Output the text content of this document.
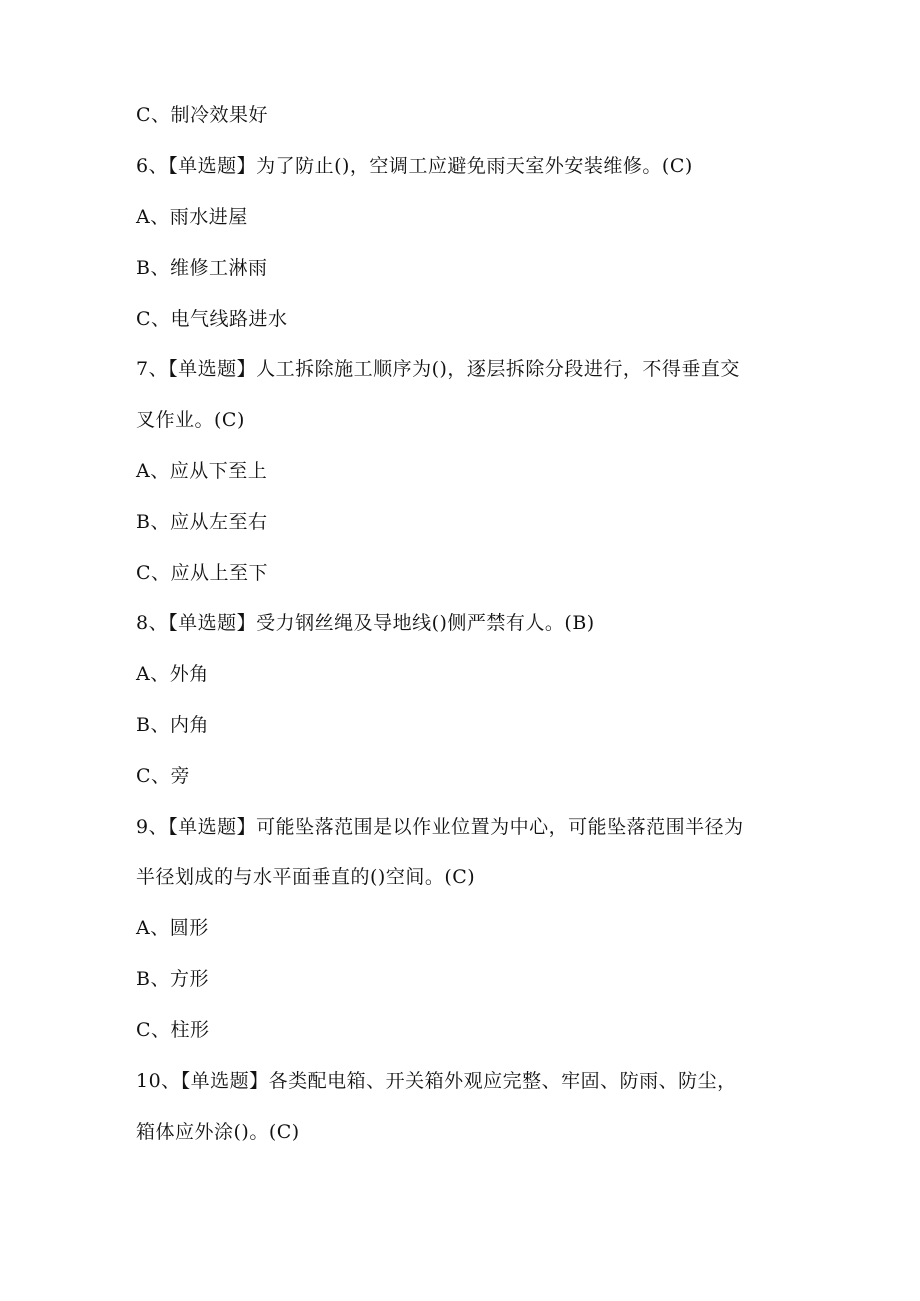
C、制冷效果好
6、【单选题】为了防止()，空调工应避免雨天室外安装维修。(C)
A、雨水进屋
B、维修工淋雨
C、电气线路进水
7、【单选题】人工拆除施工顺序为()，逐层拆除分段进行，不得垂直交
叉作业。(C)
A、应从下至上
B、应从左至右
C、应从上至下
8、【单选题】受力钢丝绳及导地线()侧严禁有人。(B)
A、外角
B、内角
C、旁
9、【单选题】可能坠落范围是以作业位置为中心，可能坠落范围半径为
半径划成的与水平面垂直的()空间。(C)
A、圆形
B、方形
C、柱形
10、【单选题】各类配电箱、开关箱外观应完整、牢固、防雨、防尘，
箱体应外涂()。(C)
